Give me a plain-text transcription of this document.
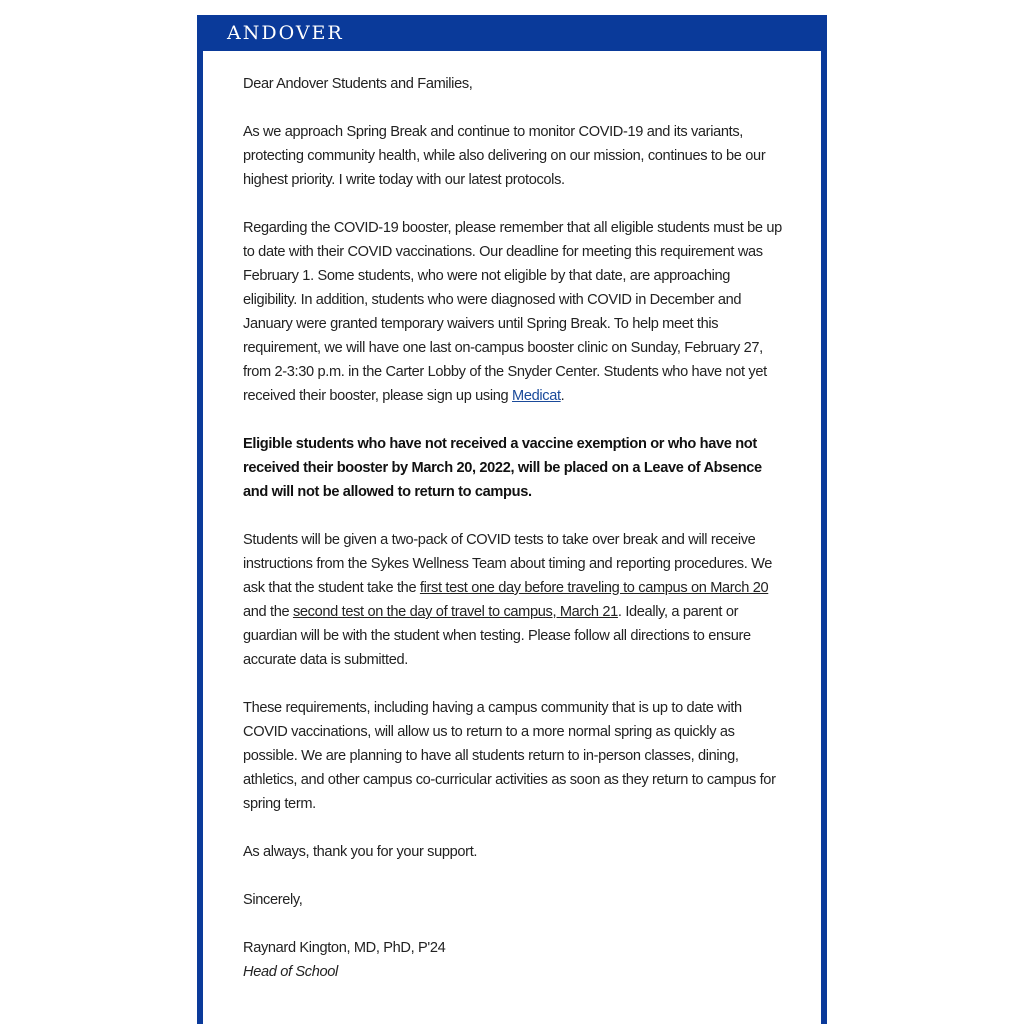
ANDOVER

Dear Andover Students and Families,

As we approach Spring Break and continue to monitor COVID-19 and its variants, protecting community health, while also delivering on our mission, continues to be our highest priority. I write today with our latest protocols.

Regarding the COVID-19 booster, please remember that all eligible students must be up to date with their COVID vaccinations. Our deadline for meeting this requirement was February 1. Some students, who were not eligible by that date, are approaching eligibility. In addition, students who were diagnosed with COVID in December and January were granted temporary waivers until Spring Break. To help meet this requirement, we will have one last on-campus booster clinic on Sunday, February 27, from 2-3:30 p.m. in the Carter Lobby of the Snyder Center. Students who have not yet received their booster, please sign up using Medicat.

Eligible students who have not received a vaccine exemption or who have not received their booster by March 20, 2022, will be placed on a Leave of Absence and will not be allowed to return to campus.

Students will be given a two-pack of COVID tests to take over break and will receive instructions from the Sykes Wellness Team about timing and reporting procedures. We ask that the student take the first test one day before traveling to campus on March 20 and the second test on the day of travel to campus, March 21. Ideally, a parent or guardian will be with the student when testing. Please follow all directions to ensure accurate data is submitted.

These requirements, including having a campus community that is up to date with COVID vaccinations, will allow us to return to a more normal spring as quickly as possible. We are planning to have all students return to in-person classes, dining, athletics, and other campus co-curricular activities as soon as they return to campus for spring term.

As always, thank you for your support.

Sincerely,

Raynard Kington, MD, PhD, P'24

Head of School
